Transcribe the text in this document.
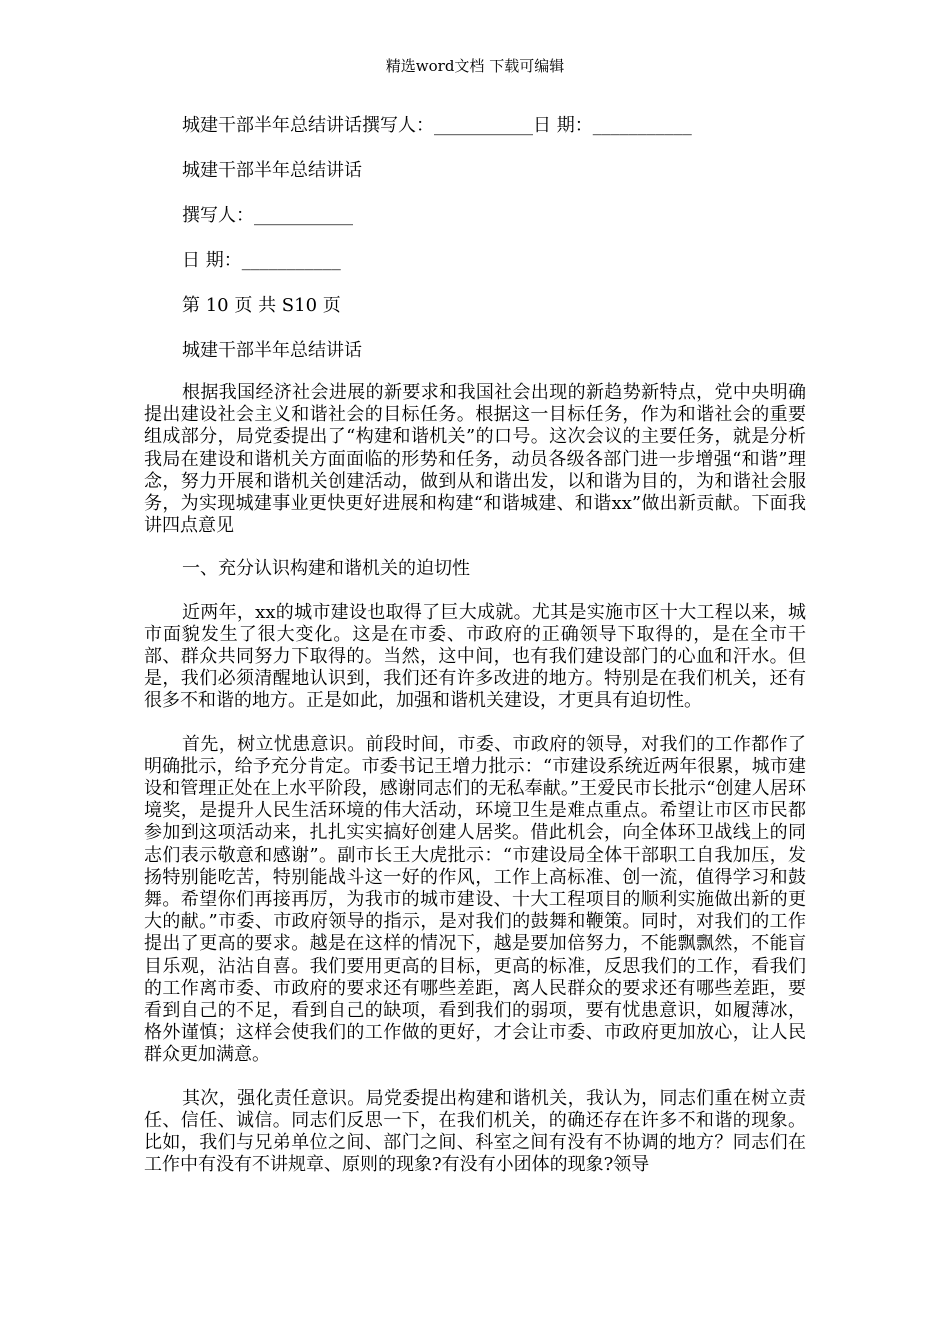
精选word文档 下载可编辑

城建干部半年总结讲话撰写人：___________日 期：___________

城建干部半年总结讲话

撰写人：___________

日 期：___________

第 10 页 共 S10 页

城建干部半年总结讲话

根据我国经济社会进展的新要求和我国社会出现的新趋势新特点，党中央明确提出建设社会主义和谐社会的目标任务。根据这一目标任务，作为和谐社会的重要组成部分，局党委提出了“构建和谐机关”的口号。这次会议的主要任务，就是分析我局在建设和谐机关方面面临的形势和任务，动员各级各部门进一步增强“和谐”理念，努力开展和谐机关创建活动，做到从和谐出发，以和谐为目的，为和谐社会服务，为实现城建事业更快更好进展和构建“和谐城建、和谐xx”做出新贡献。下面我讲四点意见

一、充分认识构建和谐机关的迫切性

近两年，xx的城市建设也取得了巨大成就。尤其是实施市区十大工程以来，城市面貌发生了很大变化。这是在市委、市政府的正确领导下取得的，是在全市干部、群众共同努力下取得的。当然，这中间，也有我们建设部门的心血和汗水。但是，我们必须清醒地认识到，我们还有许多改进的地方。特别是在我们机关，还有很多不和谐的地方。正是如此，加强和谐机关建设，才更具有迫切性。

首先，树立忧患意识。前段时间，市委、市政府的领导，对我们的工作都作了明确批示，给予充分肯定。市委书记王增力批示：“市建设系统近两年很累，城市建设和管理正处在上水平阶段，感谢同志们的无私奉献。”王爱民市长批示“创建人居环境奖，是提升人民生活环境的伟大活动，环境卫生是难点重点。希望让市区市民都参加到这项活动来，扎扎实实搞好创建人居奖。借此机会，向全体环卫战线上的同志们表示敬意和感谢”。副市长王大虎批示：“市建设局全体干部职工自我加压，发扬特别能吃苦，特别能战斗这一好的作风，工作上高标准、创一流，值得学习和鼓舞。希望你们再接再厉，为我市的城市建设、十大工程项目的顺利实施做出新的更大的献。”市委、市政府领导的指示，是对我们的鼓舞和鞭策。同时，对我们的工作提出了更高的要求。越是在这样的情况下，越是要加倍努力，不能飘飘然，不能盲目乐观，沾沾自喜。我们要用更高的目标，更高的标准，反思我们的工作，看我们的工作离市委、市政府的要求还有哪些差距，离人民群众的要求还有哪些差距，要看到自己的不足，看到自己的缺项，看到我们的弱项，要有忧患意识，如履薄冰，格外谨慎；这样会使我们的工作做的更好，才会让市委、市政府更加放心，让人民群众更加满意。

其次，强化责任意识。局党委提出构建和谐机关，我认为，同志们重在树立责任、信任、诚信。同志们反思一下，在我们机关，的确还存在许多不和谐的现象。比如，我们与兄弟单位之间、部门之间、科室之间有没有不协调的地方？同志们在工作中有没有不讲规章、原则的现象?有没有小团体的现象?领导
